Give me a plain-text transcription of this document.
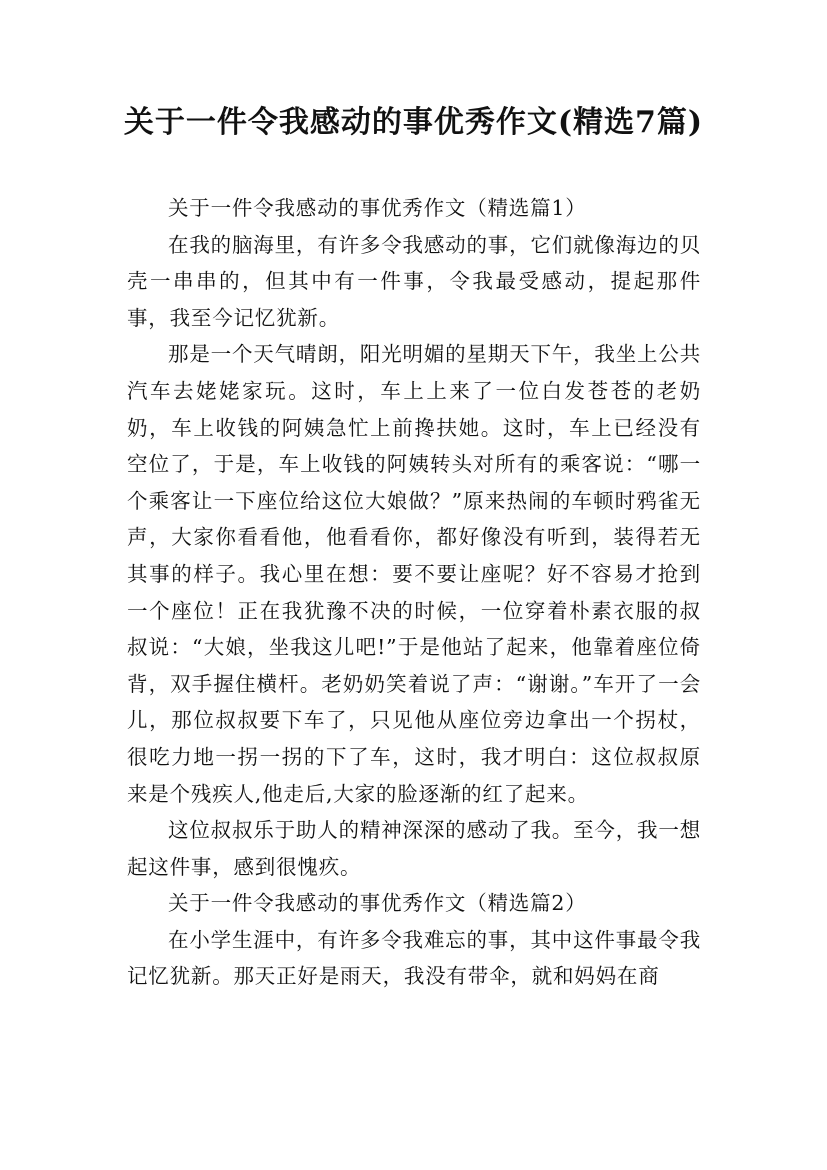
关于一件令我感动的事优秀作文(精选7篇)

关于一件令我感动的事优秀作文（精选篇1）

在我的脑海里，有许多令我感动的事，它们就像海边的贝壳一串串的，但其中有一件事，令我最受感动，提起那件事，我至今记忆犹新。

那是一个天气晴朗，阳光明媚的星期天下午，我坐上公共汽车去姥姥家玩。这时，车上上来了一位白发苍苍的老奶奶，车上收钱的阿姨急忙上前搀扶她。这时，车上已经没有空位了，于是，车上收钱的阿姨转头对所有的乘客说：“哪一个乘客让一下座位给这位大娘做？”原来热闹的车顿时鸦雀无声，大家你看看他，他看看你，都好像没有听到，装得若无其事的样子。我心里在想：要不要让座呢？好不容易才抢到一个座位！正在我犹豫不决的时候，一位穿着朴素衣服的叔叔说：“大娘，坐我这儿吧!”于是他站了起来，他靠着座位倚背，双手握住横杆。老奶奶笑着说了声：“谢谢。”车开了一会儿，那位叔叔要下车了，只见他从座位旁边拿出一个拐杖，很吃力地一拐一拐的下了车，这时，我才明白：这位叔叔原来是个残疾人,他走后,大家的脸逐渐的红了起来。

这位叔叔乐于助人的精神深深的感动了我。至今，我一想起这件事，感到很愧疚。

关于一件令我感动的事优秀作文（精选篇2）

在小学生涯中，有许多令我难忘的事，其中这件事最令我记忆犹新。那天正好是雨天，我没有带伞，就和妈妈在商
